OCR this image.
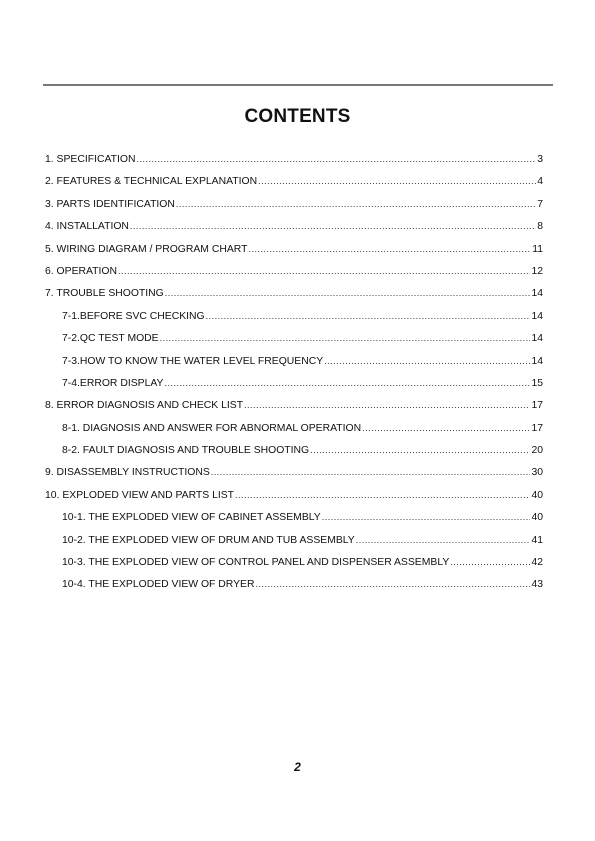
CONTENTS
1. SPECIFICATION .....	3
2. FEATURES & TECHNICAL EXPLANATION .....	4
3. PARTS IDENTIFICATION .....	7
4. INSTALLATION .....	8
5. WIRING DIAGRAM / PROGRAM CHART .....	11
6. OPERATION .....	12
7. TROUBLE SHOOTING .....	14
7-1.BEFORE SVC CHECKING .....	14
7-2.QC TEST MODE .....	14
7-3.HOW TO KNOW THE WATER LEVEL FREQUENCY .....	14
7-4.ERROR DISPLAY .....	15
8. ERROR DIAGNOSIS AND CHECK LIST .....	17
8-1. DIAGNOSIS AND ANSWER FOR ABNORMAL OPERATION .....	17
8-2. FAULT DIAGNOSIS AND TROUBLE SHOOTING .....	20
9. DISASSEMBLY INSTRUCTIONS .....	30
10. EXPLODED VIEW AND PARTS LIST .....	40
10-1. THE EXPLODED VIEW OF CABINET ASSEMBLY .....	40
10-2. THE EXPLODED VIEW OF DRUM AND TUB ASSEMBLY .....	41
10-3. THE EXPLODED VIEW OF CONTROL PANEL AND DISPENSER ASSEMBLY .....	42
10-4. THE EXPLODED VIEW OF DRYER .....	43
2
